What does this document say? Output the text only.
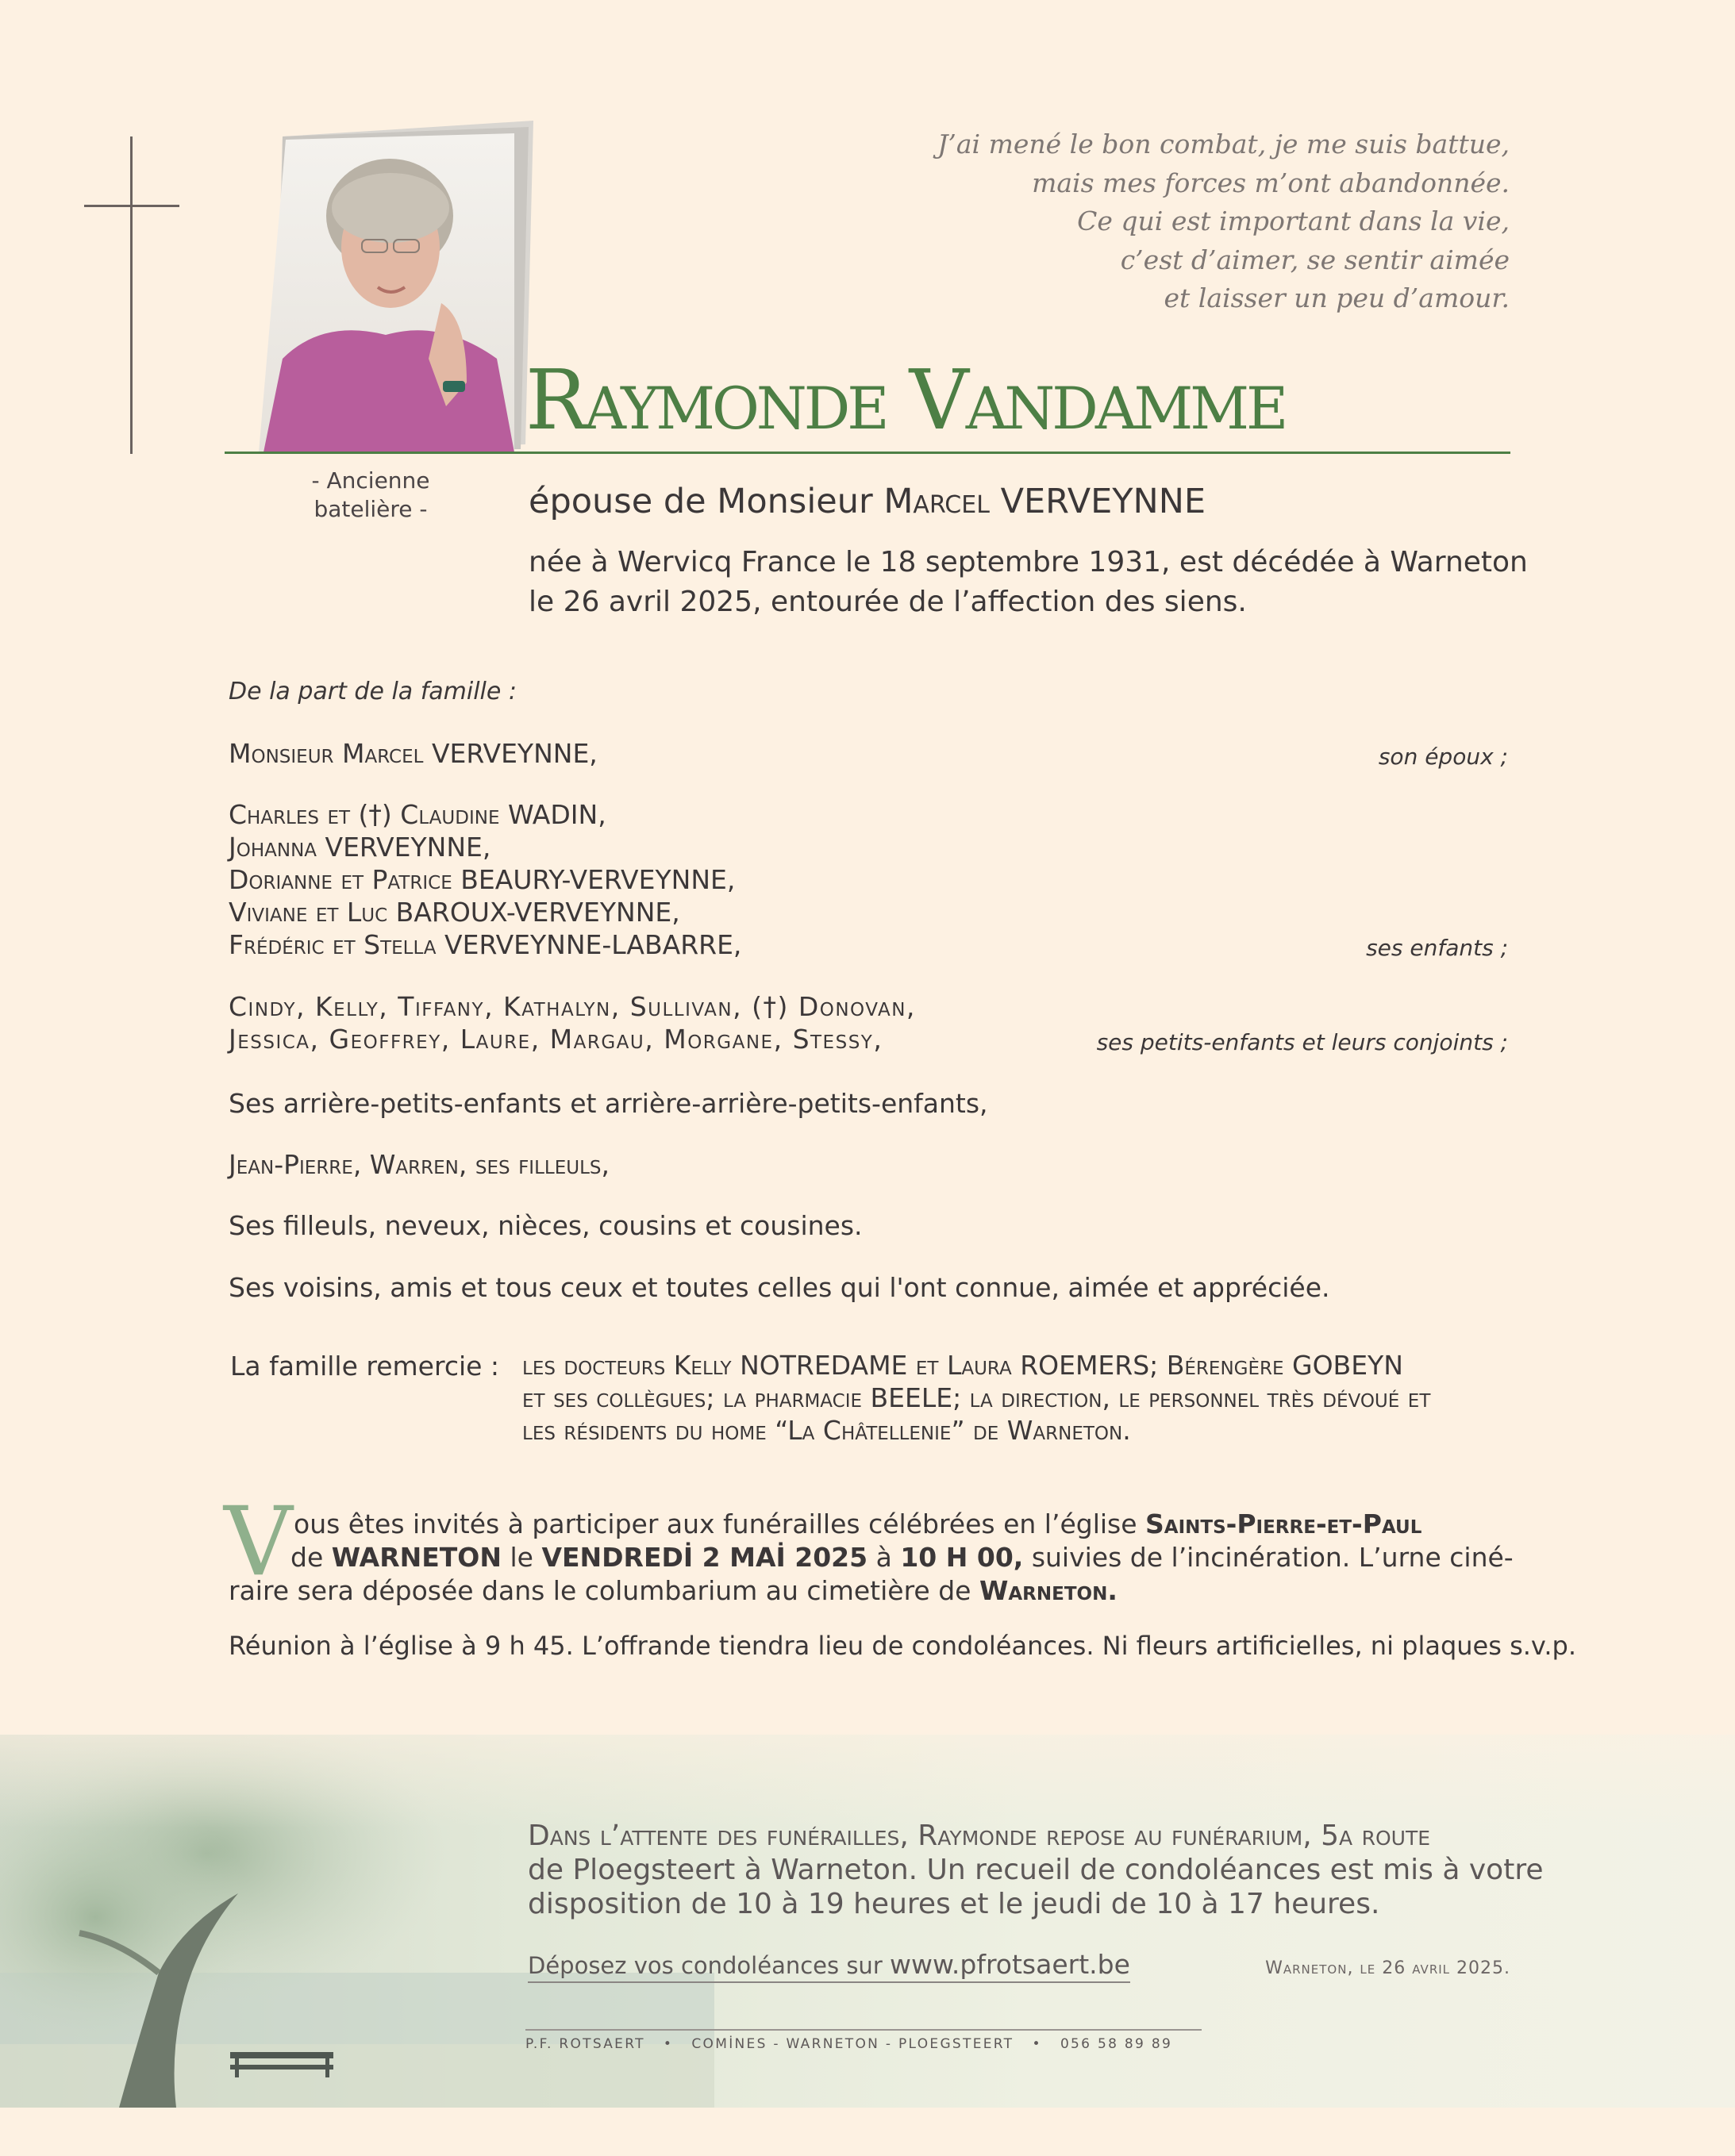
- Ancienne
batelière -
J’ai mené le bon combat, je me suis battue,
mais mes forces m’ont abandonnée.
Ce qui est important dans la vie,
c’est d’aimer, se sentir aimée
et laisser un peu d’amour.
Raymonde Vandamme
épouse de Monsieur Marcel VERVEYNNE
née à Wervicq France le 18 septembre 1931, est décédée à Warneton
le 26 avril 2025, entourée de l’affection des siens.
De la part de la famille :
Monsieur Marcel VERVEYNNE,	son époux ;
Charles et (†) Claudine WADIN,
Johanna VERVEYNNE,
Dorianne et Patrice BEAURY-VERVEYNNE,
Viviane et Luc BAROUX-VERVEYNNE,
Frédéric et Stella VERVEYNNE-LABARRE,	ses enfants ;
Cindy, Kelly, Tiffany, Kathalyn, Sullivan, (†) Donovan,
Jessica, Geoffrey, Laure, Margau, Morgane, Stessy,	ses petits-enfants et leurs conjoints ;
Ses arrière-petits-enfants et arrière-arrière-petits-enfants,
Jean-Pierre, Warren, ses filleuls,
Ses filleuls, neveux, nièces, cousins et cousines.
Ses voisins, amis et tous ceux et toutes celles qui l'ont connue, aimée et appréciée.
La famille remercie : les docteurs Kelly NOTREDAME et Laura ROEMERS; Bérengère GOBEYN
et ses collègues; la pharmacie BEELE; la direction, le personnel très dévoué et
les résidents du home “La Châtellenie” de Warneton.
V ous êtes invités à participer aux funérailles célébrées en l’église Saints-Pierre-et-Paul
de WARNETON le VENDREDİ 2 MAİ 2025 à 10 H 00, suivies de l’incinération. L’urne ciné-
raire sera déposée dans le columbarium au cimetière de Warneton.
Réunion à l’église à 9 h 45. L’offrande tiendra lieu de condoléances. Ni fleurs artificielles, ni plaques s.v.p.
Dans l’attente des funérailles, Raymonde repose au funérarium, 5a route
de Ploegsteert à Warneton. Un recueil de condoléances est mis à votre
disposition de 10 à 19 heures et le jeudi de 10 à 17 heures.
Déposez vos condoléances sur www.pfrotsaert.be	Warneton, le 26 avril 2025.
P.F. ROTSAERT   •   COMİNES - WARNETON - PLOEGSTEERT   •   056 58 89 89
